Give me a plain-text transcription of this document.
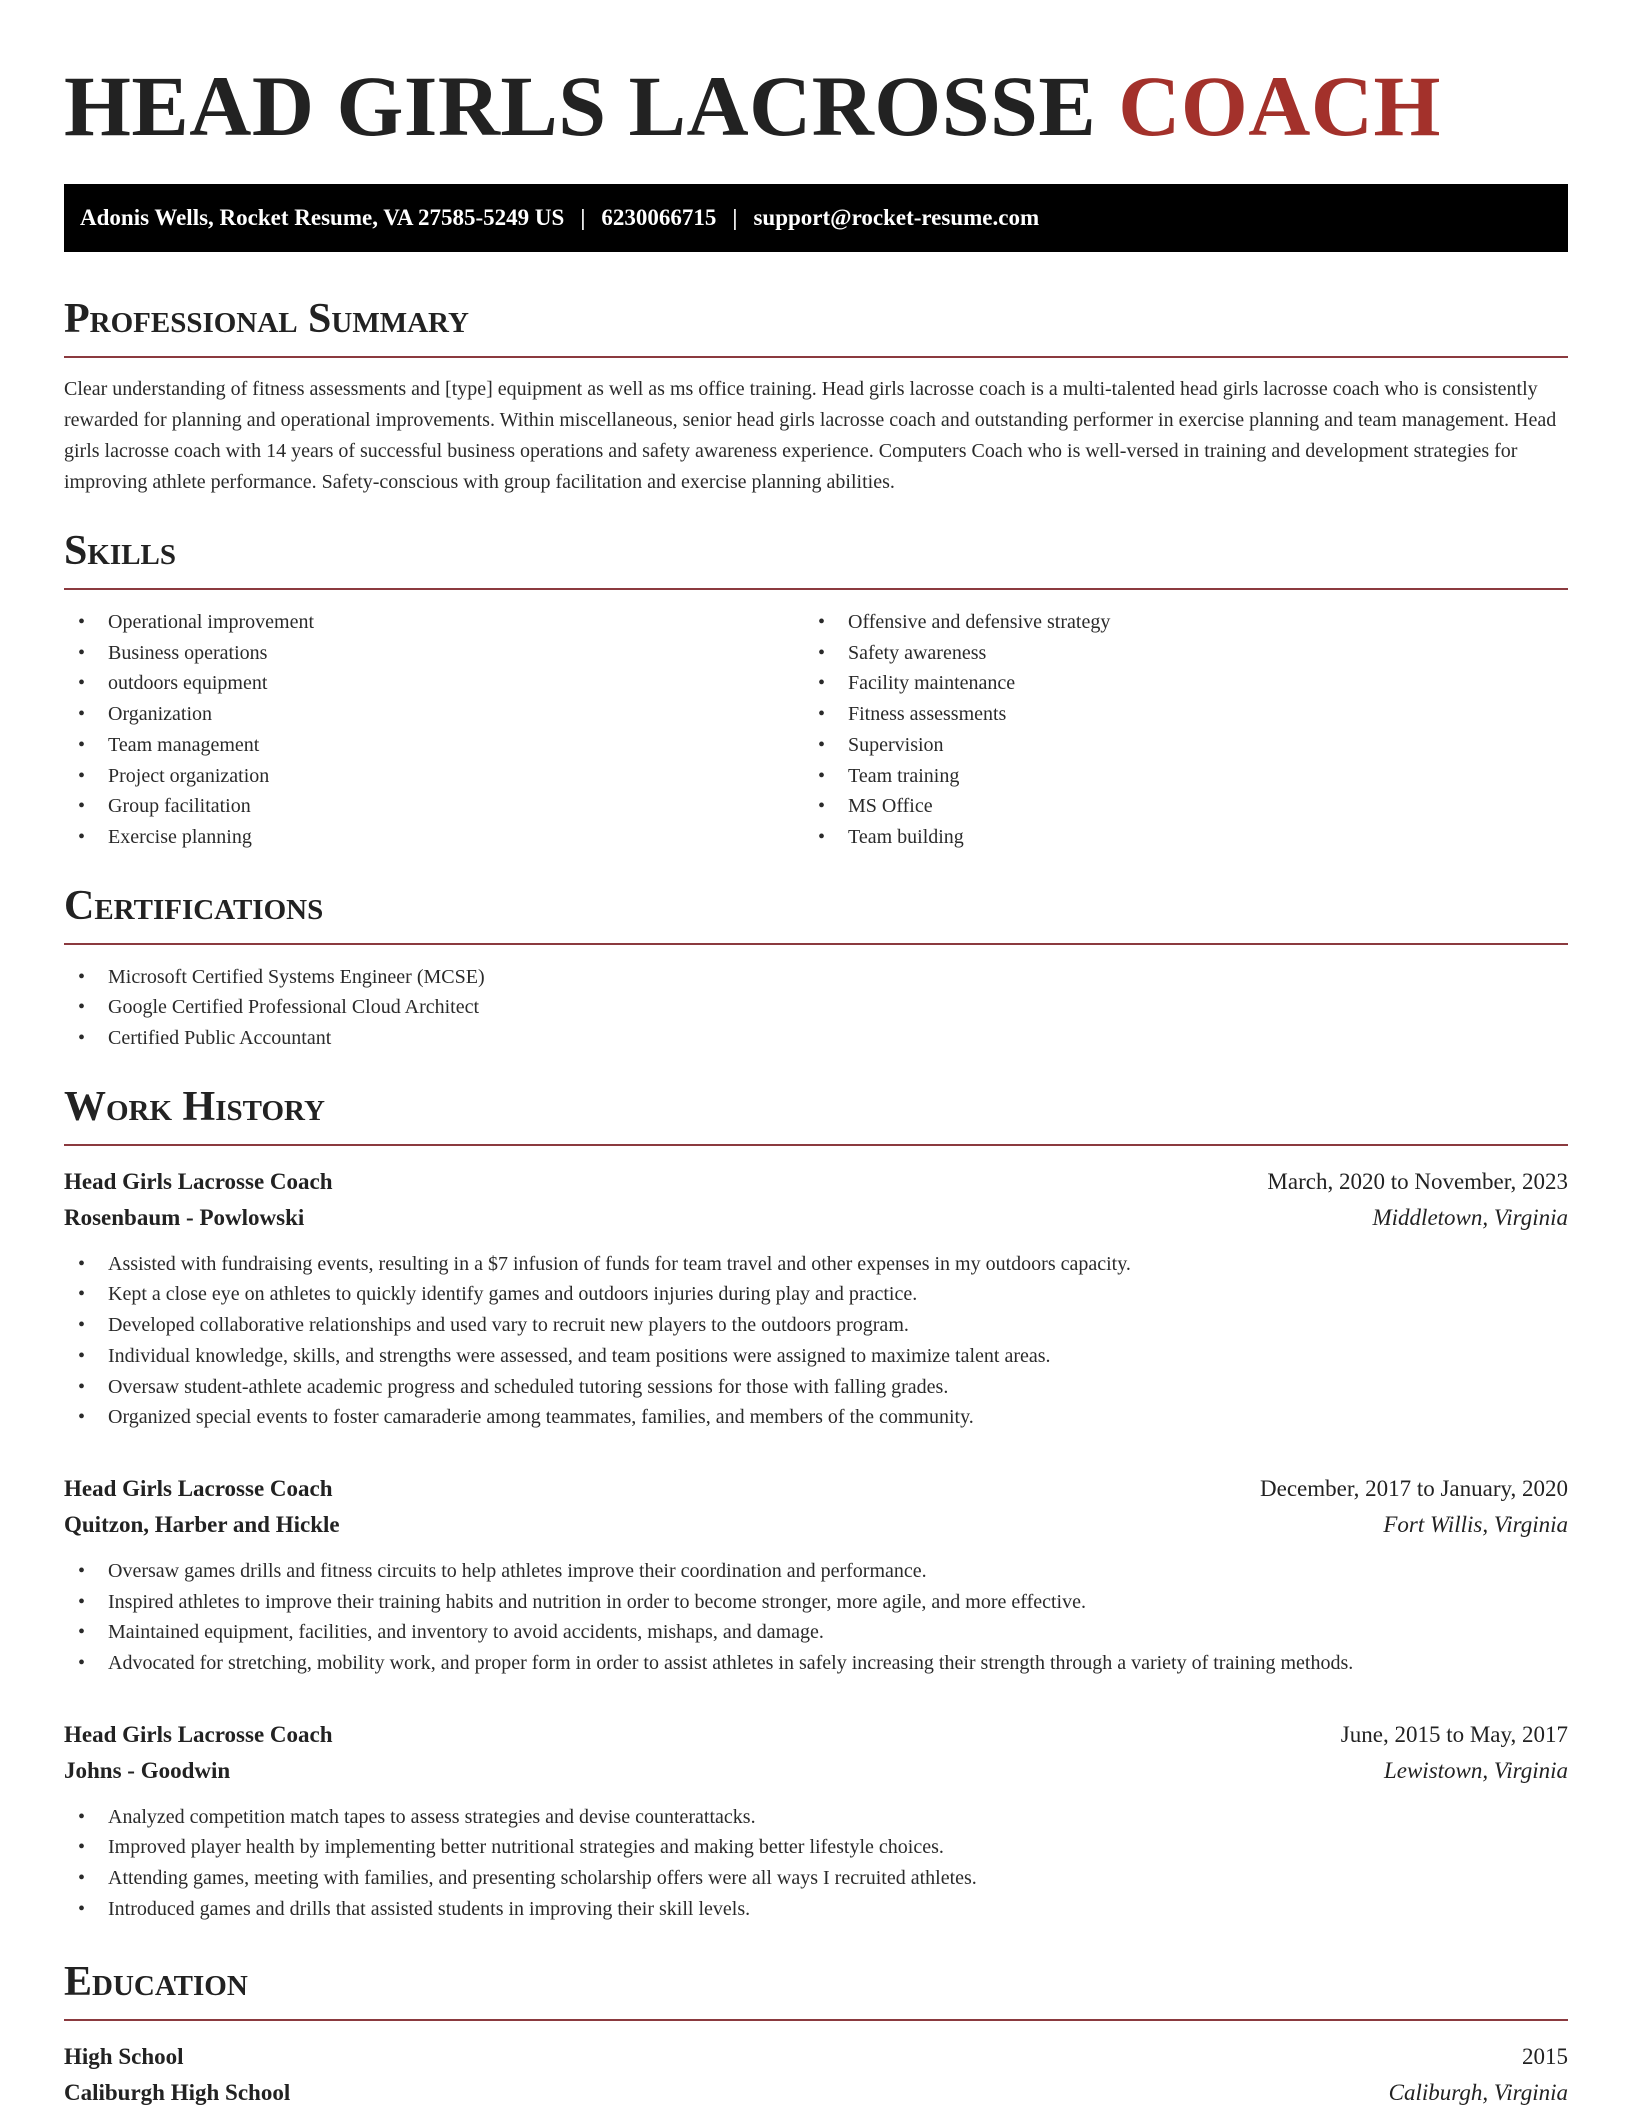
HEAD GIRLS LACROSSE COACH
Adonis Wells, Rocket Resume, VA 27585-5249 US | 6230066715 | support@rocket-resume.com
Professional Summary

Clear understanding of fitness assessments and [type] equipment as well as ms office training. Head girls lacrosse coach is a multi-talented head girls lacrosse coach who is consistently rewarded for planning and operational improvements. Within miscellaneous, senior head girls lacrosse coach and outstanding performer in exercise planning and team management. Head girls lacrosse coach with 14 years of successful business operations and safety awareness experience. Computers Coach who is well-versed in training and development strategies for improving athlete performance. Safety-conscious with group facilitation and exercise planning abilities.

Skills
• Operational improvement
• Business operations
• outdoors equipment
• Organization
• Team management
• Project organization
• Group facilitation
• Exercise planning
• Offensive and defensive strategy
• Safety awareness
• Facility maintenance
• Fitness assessments
• Supervision
• Team training
• MS Office
• Team building
Certifications
• Microsoft Certified Systems Engineer (MCSE)
• Google Certified Professional Cloud Architect
• Certified Public Accountant
Work History
Head Girls Lacrosse Coach	March, 2020 to November, 2023
Rosenbaum - Powlowski	Middletown, Virginia
• Assisted with fundraising events, resulting in a $7 infusion of funds for team travel and other expenses in my outdoors capacity.
• Kept a close eye on athletes to quickly identify games and outdoors injuries during play and practice.
• Developed collaborative relationships and used vary to recruit new players to the outdoors program.
• Individual knowledge, skills, and strengths were assessed, and team positions were assigned to maximize talent areas.
• Oversaw student-athlete academic progress and scheduled tutoring sessions for those with falling grades.
• Organized special events to foster camaraderie among teammates, families, and members of the community.
Head Girls Lacrosse Coach	December, 2017 to January, 2020
Quitzon, Harber and Hickle	Fort Willis, Virginia
• Oversaw games drills and fitness circuits to help athletes improve their coordination and performance.
• Inspired athletes to improve their training habits and nutrition in order to become stronger, more agile, and more effective.
• Maintained equipment, facilities, and inventory to avoid accidents, mishaps, and damage.
• Advocated for stretching, mobility work, and proper form in order to assist athletes in safely increasing their strength through a variety of training methods.
Head Girls Lacrosse Coach	June, 2015 to May, 2017
Johns - Goodwin	Lewistown, Virginia
• Analyzed competition match tapes to assess strategies and devise counterattacks.
• Improved player health by implementing better nutritional strategies and making better lifestyle choices.
• Attending games, meeting with families, and presenting scholarship offers were all ways I recruited athletes.
• Introduced games and drills that assisted students in improving their skill levels.
Education
High School	2015
Caliburgh High School	Caliburgh, Virginia
